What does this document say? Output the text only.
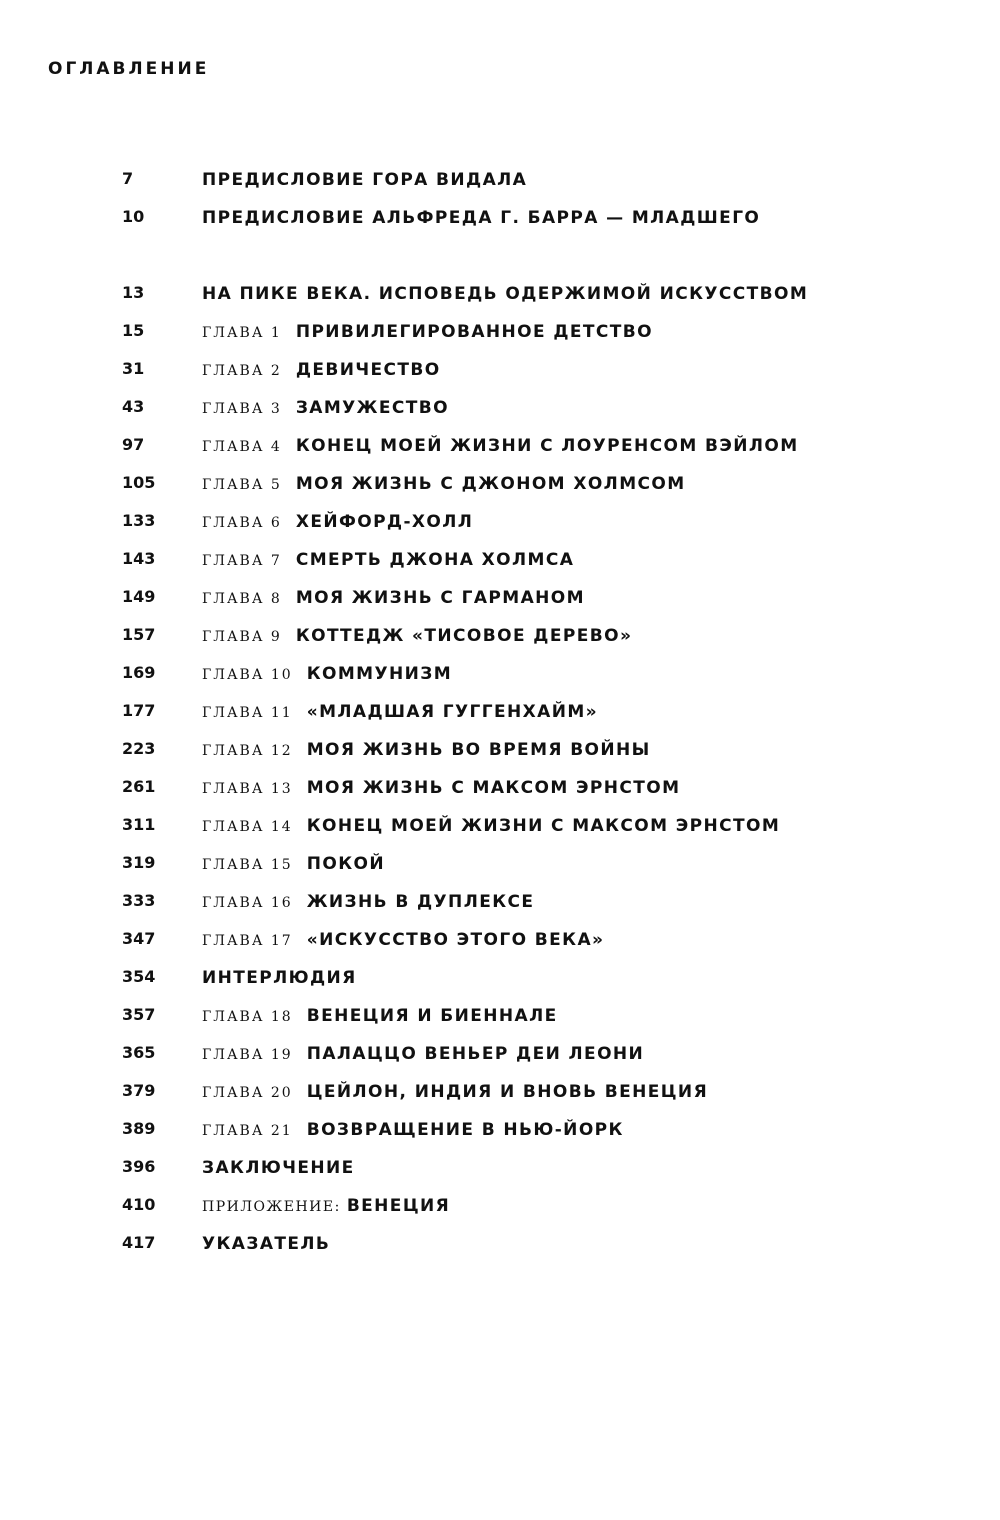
ОГЛАВЛЕНИЕ
7	ПРЕДИСЛОВИЕ ГОРА ВИДАЛА
10	ПРЕДИСЛОВИЕ АЛЬФРЕДА Г. БАРРА — МЛАДШЕГО
13	НА ПИКЕ ВЕКА. ИСПОВЕДЬ ОДЕРЖИМОЙ ИСКУССТВОМ
15	ГЛАВА 1 ПРИВИЛЕГИРОВАННОЕ ДЕТСТВО
31	ГЛАВА 2 ДЕВИЧЕСТВО
43	ГЛАВА 3 ЗАМУЖЕСТВО
97	ГЛАВА 4 КОНЕЦ МОЕЙ ЖИЗНИ С ЛОУРЕНСОМ ВЭЙЛОМ
105	ГЛАВА 5 МОЯ ЖИЗНЬ С ДЖОНОМ ХОЛМСОМ
133	ГЛАВА 6 ХЕЙФОРД-ХОЛЛ
143	ГЛАВА 7 СМЕРТЬ ДЖОНА ХОЛМСА
149	ГЛАВА 8 МОЯ ЖИЗНЬ С ГАРМАНОМ
157	ГЛАВА 9 КОТТЕДЖ «ТИСОВОЕ ДЕРЕВО»
169	ГЛАВА 10 КОММУНИЗМ
177	ГЛАВА 11 «МЛАДШАЯ ГУГГЕНХАЙМ»
223	ГЛАВА 12 МОЯ ЖИЗНЬ ВО ВРЕМЯ ВОЙНЫ
261	ГЛАВА 13 МОЯ ЖИЗНЬ С МАКСОМ ЭРНСТОМ
311	ГЛАВА 14 КОНЕЦ МОЕЙ ЖИЗНИ С МАКСОМ ЭРНСТОМ
319	ГЛАВА 15 ПОКОЙ
333	ГЛАВА 16 ЖИЗНЬ В ДУПЛЕКСЕ
347	ГЛАВА 17 «ИСКУССТВО ЭТОГО ВЕКА»
354	ИНТЕРЛЮДИЯ
357	ГЛАВА 18 ВЕНЕЦИЯ И БИЕННАЛЕ
365	ГЛАВА 19 ПАЛАЦЦО ВЕНЬЕР ДЕИ ЛЕОНИ
379	ГЛАВА 20 ЦЕЙЛОН, ИНДИЯ И ВНОВЬ ВЕНЕЦИЯ
389	ГЛАВА 21 ВОЗВРАЩЕНИЕ В НЬЮ-ЙОРК
396	ЗАКЛЮЧЕНИЕ
410	ПРИЛОЖЕНИЕ: ВЕНЕЦИЯ
417	УКАЗАТЕЛЬ
